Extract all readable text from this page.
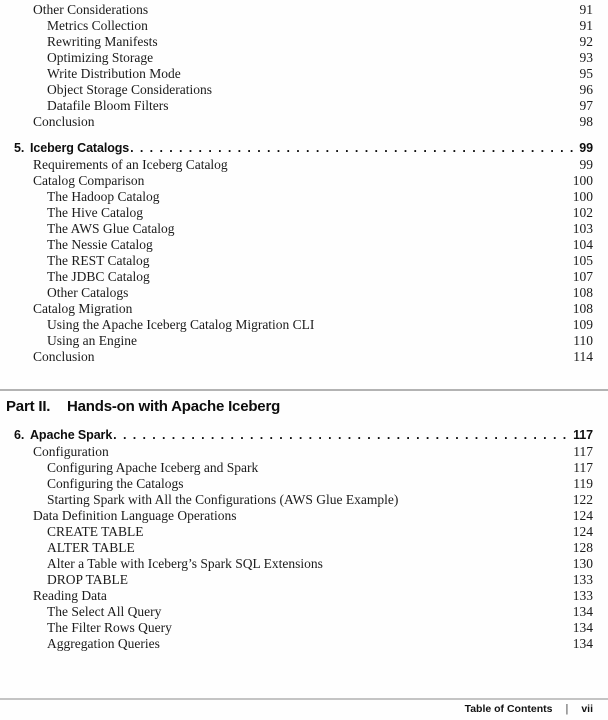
Other Considerations	91
Metrics Collection	91
Rewriting Manifests	92
Optimizing Storage	93
Write Distribution Mode	95
Object Storage Considerations	96
Datafile Bloom Filters	97
Conclusion	98
5. Iceberg Catalogs .....	99
Requirements of an Iceberg Catalog	99
Catalog Comparison	100
The Hadoop Catalog	100
The Hive Catalog	102
The AWS Glue Catalog	103
The Nessie Catalog	104
The REST Catalog	105
The JDBC Catalog	107
Other Catalogs	108
Catalog Migration	108
Using the Apache Iceberg Catalog Migration CLI	109
Using an Engine	110
Conclusion	114
Part II. Hands-on with Apache Iceberg
6. Apache Spark .....	117
Configuration	117
Configuring Apache Iceberg and Spark	117
Configuring the Catalogs	119
Starting Spark with All the Configurations (AWS Glue Example)	122
Data Definition Language Operations	124
CREATE TABLE	124
ALTER TABLE	128
Alter a Table with Iceberg’s Spark SQL Extensions	130
DROP TABLE	133
Reading Data	133
The Select All Query	134
The Filter Rows Query	134
Aggregation Queries	134
Table of Contents | vii
